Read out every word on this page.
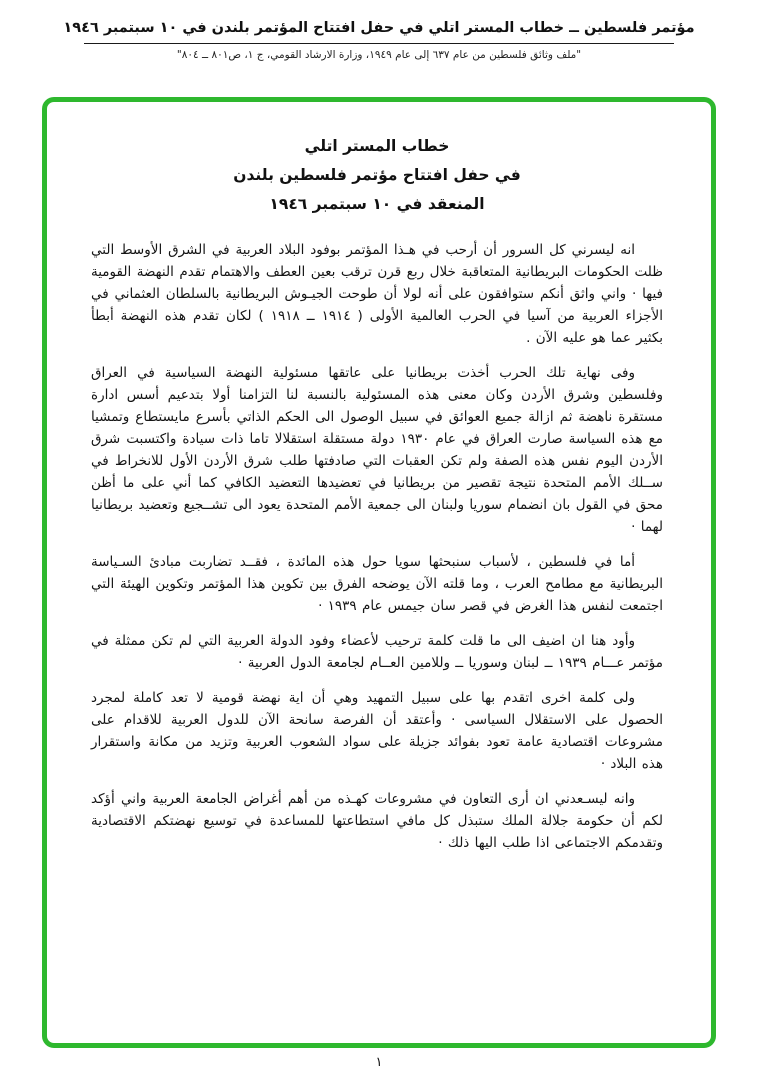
مؤتمر فلسطين ــ خطاب المستر اتلي في حفل افتتاح المؤتمر بلندن في ١٠ سبتمبر ١٩٤٦
"ملف وثائق فلسطين من عام ٦٣٧ إلى عام ١٩٤٩، وزارة الارشاد القومي، ج ١، ص٨٠١ ــ ٨٠٤"
خطاب المستر اتلي
في حفل افتتاح مؤتمر فلسطين بلندن
المنعقد في ١٠ سبتمبر ١٩٤٦

انه ليسرني كل السرور أن أرحب في هـذا المؤتمر بوفود البلاد العربية في الشرق الأوسط التي ظلت الحكومات البريطانية المتعاقبة خلال ربع قرن ترقب بعين العطف والاهتمام تقدم النهضة القومية فيها · واني واثق أنكم ستوافقون على أنه لولا أن طوحت الجيـوش البريطانية بالسلطان العثماني في الأجزاء العربية من آسيا في الحرب العالمية الأولى ( ١٩١٤ ــ ١٩١٨ ) لكان تقدم هذه النهضة أبطأ بكثير عما هو عليه الآن .

وفى نهاية تلك الحرب أخذت بريطانيا على عاتقها مسئولية النهضة السياسية في العراق وفلسطين وشرق الأردن وكان معنى هذه المسئولية بالنسبة لنا التزامنا أولا بتدعيم أسس ادارة مستقرة ناهضة ثم ازالة جميع العوائق في سبيل الوصول الى الحكم الذاتي بأسرع مايستطاع وتمشيا مع هذه السياسة صارت العراق في عام ١٩٣٠ دولة مستقلة استقلالا تاما ذات سيادة واكتسبت شرق الأردن اليوم نفس هذه الصفة ولم تكن العقبات التي صادفتها طلب شرق الأردن الأول للانخراط في ســلك الأمم المتحدة نتيجة تقصير من بريطانيا في تعضيدها التعضيد الكافي كما أني على ما أظن محق في القول بان انضمام سوريا ولبنان الى جمعية الأمم المتحدة يعود الى تشــجيع وتعضيد بريطانيا لهما ·

أما في فلسطين ، لأسباب سنبحثها سويا حول هذه المائدة ، فقــد تضاربت مبادئ السـياسة البريطانية مع مطامح العرب ، وما قلته الآن يوضحه الفرق بين تكوين هذا المؤتمر وتكوين الهيئة التي اجتمعت لنفس هذا الغرض في قصر سان جيمس عام ١٩٣٩ ·

وأود هنا ان اضيف الى ما قلت كلمة ترحيب لأعضاء وفود الدولة العربية التي لم تكن ممثلة في مؤتمر عـــام ١٩٣٩ ــ لبنان وسوريا ــ وللامين العــام لجامعة الدول العربية ·

ولى كلمة اخرى اتقدم بها على سبيل التمهيد وهي أن اية نهضة قومية لا تعد كاملة لمجرد الحصول على الاستقلال السياسى · وأعتقد أن الفرصة سانحة الآن للدول العربية للاقدام على مشروعات اقتصادية عامة تعود بفوائد جزيلة على سواد الشعوب العربية وتزيد من مكانة واستقرار هذه البلاد ·

وانه ليسـعدني ان أرى التعاون في مشروعات كهـذه من أهم أغراض الجامعة العربية واني أؤكد لكم أن حكومة جلالة الملك ستبذل كل مافي استطاعتها للمساعدة في توسيع نهضتكم الاقتصادية وتقدمكم الاجتماعى اذا طلب اليها ذلك ·

١
